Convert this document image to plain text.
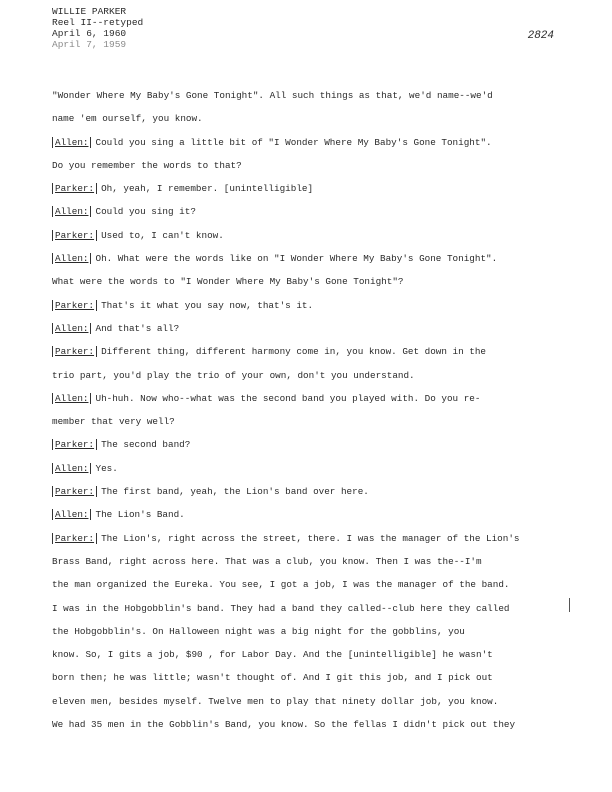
WILLIE PARKER
Reel II--retyped
April 6, 1960
April 7, 1959
2824
"Wonder Where My Baby's Gone Tonight". All such things as that, we'd name--we'd
name 'em ourself, you know.
Allen: Could you sing a little bit of "I Wonder Where My Baby's Gone Tonight".
Do you remember the words to that?
Parker: Oh, yeah, I remember. [unintelligible]
Allen: Could you sing it?
Parker: Used to, I can't know.
Allen: Oh. What were the words like on "I Wonder Where My Baby's Gone Tonight".
What were the words to "I Wonder Where My Baby's Gone Tonight"?
Parker: That's it what you say now, that's it.
Allen: And that's all?
Parker: Different thing, different harmony come in, you know. Get down in the
trio part, you'd play the trio of your own, don't you understand.
Allen: Uh-huh. Now who--what was the second band you played with. Do you re-
member that very well?
Parker: The second band?
Allen: Yes.
Parker: The first band, yeah, the Lion's band over here.
Allen: The Lion's Band.
Parker: The Lion's, right across the street, there. I was the manager of the Lion's
Brass Band, right across here. That was a club, you know. Then I was the--I'm
the man organized the Eureka. You see, I got a job, I was the manager of the band.
I was in the Hobgobblin's band. They had a band they called--club here they called
the Hobgobblin's. On Halloween night was a big night for the gobblins, you
know. So, I gits a job, $90 , for Labor Day. And the [unintelligible] he wasn't
born then; he was little; wasn't thought of. And I git this job, and I pick out
eleven men, besides myself. Twelve men to play that ninety dollar job, you know.
We had 35 men in the Gobblin's Band, you know. So the fellas I didn't pick out they
